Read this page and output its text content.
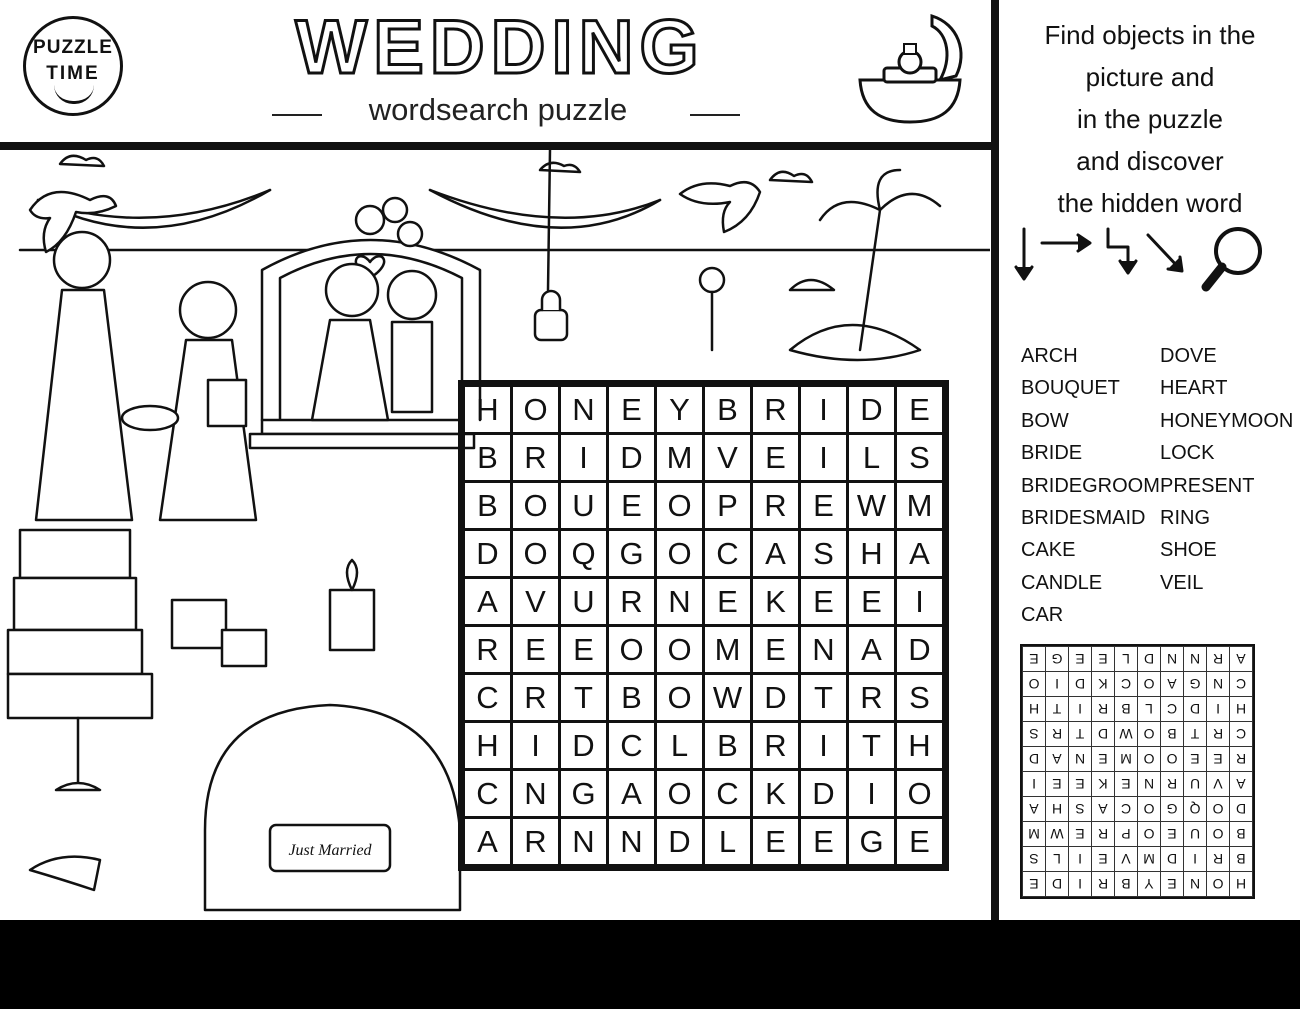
PUZZLE
TIME	WEDDING
wordsearch puzzle
Just Married
H	O	N	E	Y	B	R	I	D	E
B	R	I	D	M	V	E	I	L	S
B	O	U	E	O	P	R	E	W	M
D	O	Q	G	O	C	A	S	H	A
A	V	U	R	N	E	K	E	E	I
R	E	E	O	O	M	E	N	A	D
C	R	T	B	O	W	D	T	R	S
H	I	D	C	L	B	R	I	T	H
C	N	G	A	O	C	K	D	I	O
A	R	N	N	D	L	E	E	G	E
Find objects in the
picture and
in the puzzle
and discover
the hidden word
ARCH
BOUQUET
BOW
BRIDE
BRIDEGROOM
BRIDESMAID
CAKE
CANDLE
CAR
DOVE
HEART
HONEYMOON
LOCK
PRESENT
RING
SHOE
VEIL
H	O	N	E	Y	B	R	I	D	E
B	R	I	D	M	V	E	I	L	S
B	O	U	E	O	P	R	E	W	M
D	O	Q	G	O	C	A	S	H	A
A	V	U	R	N	E	K	E	E	I
R	E	E	O	O	M	E	N	A	D
C	R	T	B	O	W	D	T	R	S
H	I	D	C	L	B	R	I	T	H
C	N	G	A	O	C	K	D	I	O
A	R	N	N	D	L	E	E	G	E
